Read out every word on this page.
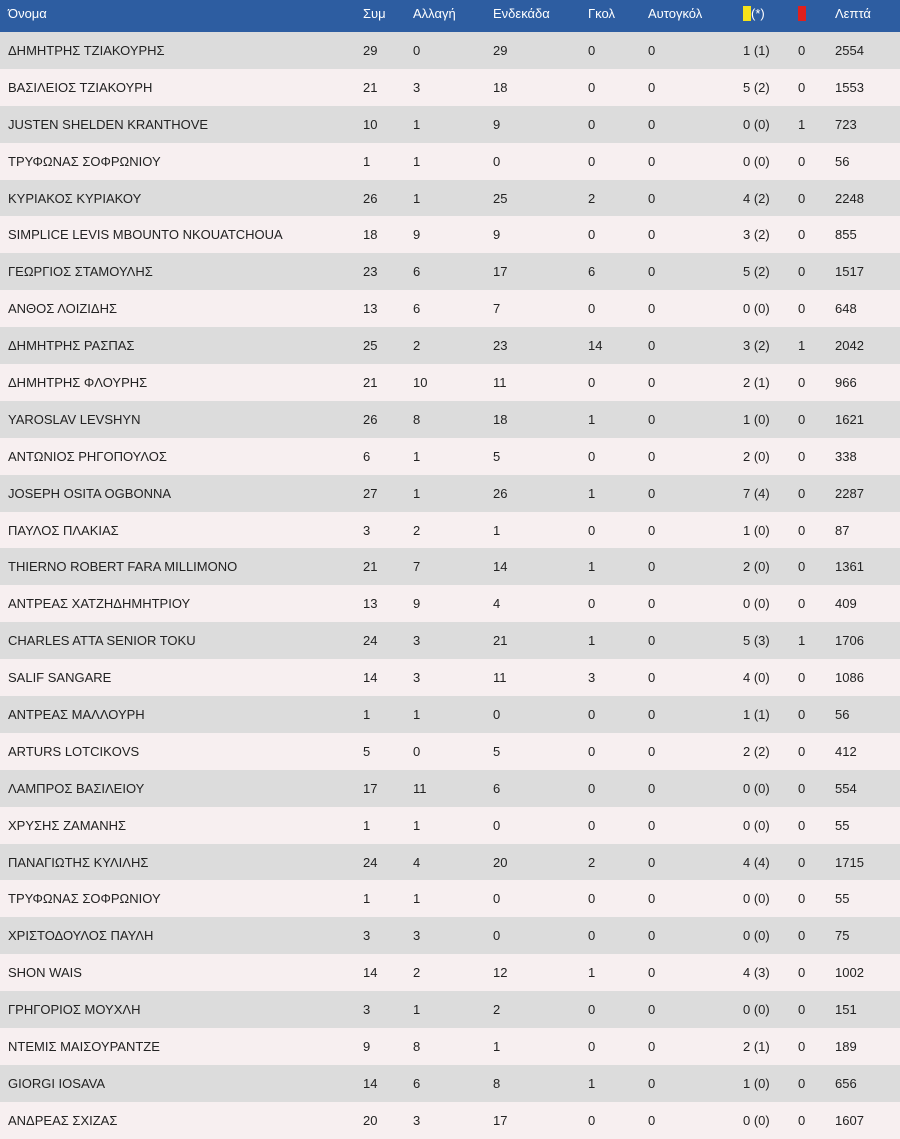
Όνομα	Συμ	Αλλαγή	Ενδεκάδα	Γκολ	Αυτογκόλ	(*)		Λεπτά
ΔΗΜΗΤΡΗΣ ΤΖΙΑΚΟΥΡΗΣ	29	0	29	0	0	1 (1)	0	2554
ΒΑΣΙΛΕΙΟΣ ΤΖΙΑΚΟΥΡΗ	21	3	18	0	0	5 (2)	0	1553
JUSTEN SHELDEN KRANTHOVE	10	1	9	0	0	0 (0)	1	723
ΤΡΥΦΩΝΑΣ ΣΟΦΡΩΝΙΟΥ	1	1	0	0	0	0 (0)	0	56
ΚΥΡΙΑΚΟΣ ΚΥΡΙΑΚΟΥ	26	1	25	2	0	4 (2)	0	2248
SIMPLICE LEVIS MBOUNTO NKOUATCHOUA	18	9	9	0	0	3 (2)	0	855
ΓΕΩΡΓΙΟΣ ΣΤΑΜΟΥΛΗΣ	23	6	17	6	0	5 (2)	0	1517
ΑΝΘΟΣ ΛΟΙΖΙΔΗΣ	13	6	7	0	0	0 (0)	0	648
ΔΗΜΗΤΡΗΣ ΡΑΣΠΑΣ	25	2	23	14	0	3 (2)	1	2042
ΔΗΜΗΤΡΗΣ ΦΛΟΥΡΗΣ	21	10	11	0	0	2 (1)	0	966
YAROSLAV LEVSHYN	26	8	18	1	0	1 (0)	0	1621
ΑΝΤΩΝΙΟΣ ΡΗΓΟΠΟΥΛΟΣ	6	1	5	0	0	2 (0)	0	338
JOSEPH OSITA OGBONNA	27	1	26	1	0	7 (4)	0	2287
ΠΑΥΛΟΣ ΠΛΑΚΙΑΣ	3	2	1	0	0	1 (0)	0	87
THIERNO ROBERT FARA MILLIMONO	21	7	14	1	0	2 (0)	0	1361
ΑΝΤΡΕΑΣ ΧΑΤΖΗΔΗΜΗΤΡΙΟΥ	13	9	4	0	0	0 (0)	0	409
CHARLES ATTA SENIOR TOKU	24	3	21	1	0	5 (3)	1	1706
SALIF SANGARE	14	3	11	3	0	4 (0)	0	1086
ΑΝΤΡΕΑΣ ΜΑΛΛΟΥΡΗ	1	1	0	0	0	1 (1)	0	56
ARTURS LOTCIKOVS	5	0	5	0	0	2 (2)	0	412
ΛΑΜΠΡΟΣ ΒΑΣΙΛΕΙΟΥ	17	11	6	0	0	0 (0)	0	554
ΧΡΥΣΗΣ ΖΑΜΑΝΗΣ	1	1	0	0	0	0 (0)	0	55
ΠΑΝΑΓΙΩΤΗΣ ΚΥΛΙΛΗΣ	24	4	20	2	0	4 (4)	0	1715
ΤΡΥΦΩΝΑΣ ΣΟΦΡΩΝΙΟΥ	1	1	0	0	0	0 (0)	0	55
ΧΡΙΣΤΟΔΟΥΛΟΣ ΠΑΥΛΗ	3	3	0	0	0	0 (0)	0	75
SHON WAIS	14	2	12	1	0	4 (3)	0	1002
ΓΡΗΓΟΡΙΟΣ ΜΟΥΧΛΗ	3	1	2	0	0	0 (0)	0	151
ΝΤΕΜΙΣ ΜΑΙΣΟΥΡΑΝΤΖΕ	9	8	1	0	0	2 (1)	0	189
GIORGI IOSAVA	14	6	8	1	0	1 (0)	0	656
ΑΝΔΡΕΑΣ ΣΧΙΖΑΣ	20	3	17	0	0	0 (0)	0	1607
